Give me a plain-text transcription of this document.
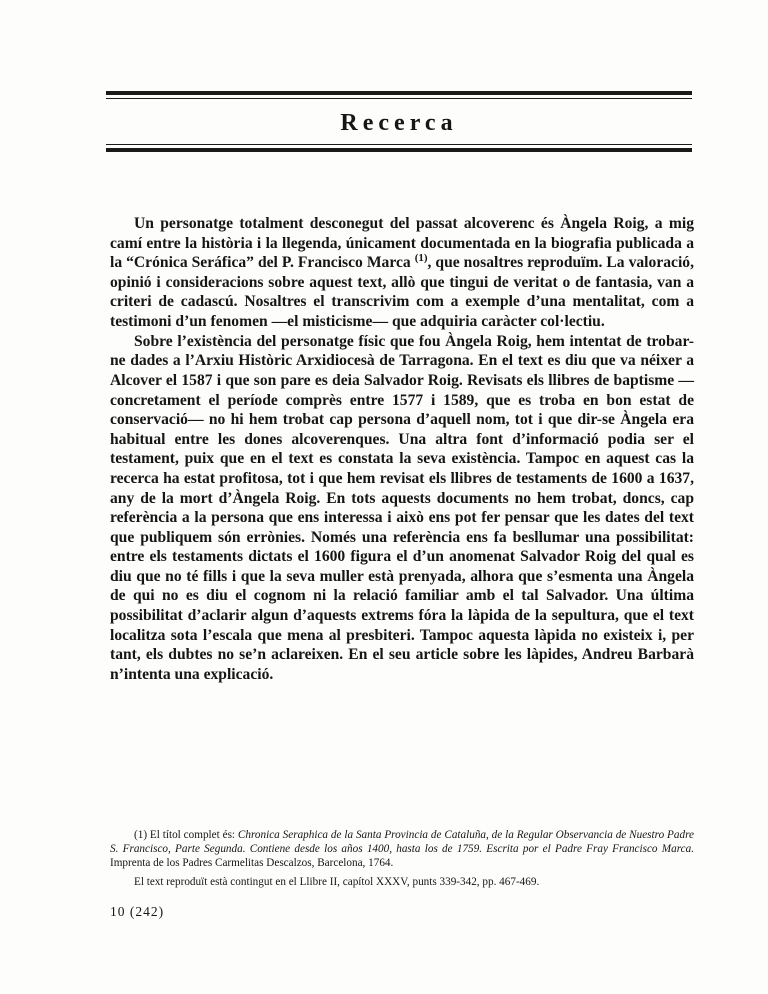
Recerca

Un personatge totalment desconegut del passat alcoverenc és Àngela Roig, a mig camí entre la història i la llegenda, únicament documentada en la biografia publicada a la “Crónica Seráfica” del P. Francisco Marca $^{(1)}$, que nosaltres reproduïm. La valoració, opinió i consideracions sobre aquest text, allò que tingui de veritat o de fantasia, van a criteri de cadascú. Nosaltres el transcrivim com a exemple d’una mentalitat, com a testimoni d’un fenomen —el misticisme— que adquiria caràcter col·lectiu.

Sobre l’existència del personatge físic que fou Àngela Roig, hem intentat de trobar-ne dades a l’Arxiu Històric Arxidiocesà de Tarragona. En el text es diu que va néixer a Alcover el 1587 i que son pare es deia Salvador Roig. Revisats els llibres de baptisme —concretament el període comprès entre 1577 i 1589, que es troba en bon estat de conservació— no hi hem trobat cap persona d’aquell nom, tot i que dir-se Àngela era habitual entre les dones alcoverenques. Una altra font d’informació podia ser el testament, puix que en el text es constata la seva existència. Tampoc en aquest cas la recerca ha estat profitosa, tot i que hem revisat els llibres de testaments de 1600 a 1637, any de la mort d’Àngela Roig. En tots aquests documents no hem trobat, doncs, cap referència a la persona que ens interessa i això ens pot fer pensar que les dates del text que publiquem són errònies. Només una referència ens fa besllumar una possibilitat: entre els testaments dictats el 1600 figura el d’un anomenat Salvador Roig del qual es diu que no té fills i que la seva muller està prenyada, alhora que s’esmenta una Àngela de qui no es diu el cognom ni la relació familiar amb el tal Salvador. Una última possibilitat d’aclarir algun d’aquests extrems fóra la làpida de la sepultura, que el text localitza sota l’escala que mena al presbiteri. Tampoc aquesta làpida no existeix i, per tant, els dubtes no se’n aclareixen. En el seu article sobre les làpides, Andreu Barbarà n’intenta una explicació.

(1) El títol complet és: Chronica Seraphica de la Santa Provincia de Cataluña, de la Regular Observancia de Nuestro Padre S. Francisco, Parte Segunda. Contiene desde los años 1400, hasta los de 1759. Escrita por el Padre Fray Francisco Marca. Imprenta de los Padres Carmelitas Descalzos, Barcelona, 1764.

El text reproduït està contingut en el Llibre II, capítol XXXV, punts 339-342, pp. 467-469.

10 (242)
